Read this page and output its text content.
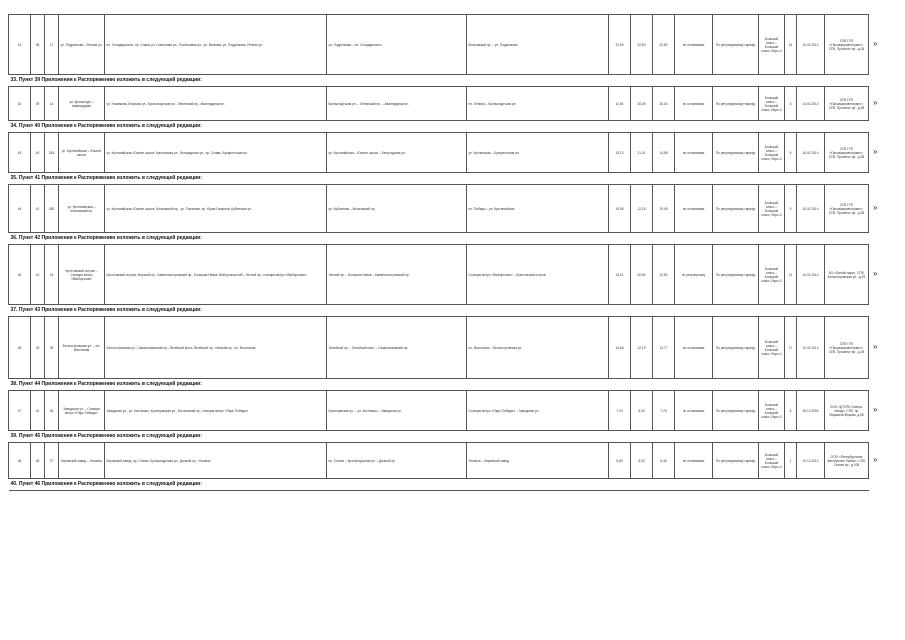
41	38	17	ул. Подрезкова – Речная ул.	пл. Солидарности, пр. Славы ул. Совхозная ул., Посёлковая ул., ул. Вилкова, ул. Подрезкова, Речная ул.	ул. Подрезкова – пл. Солидарности	Московский пр. – ул. Подрезкова	22,69	22,83	22,83	по остановкам	По регулируемому тарифу	Большой класс – Большой класс, Евро-4	16	10.01.2014	СПб ГУП «Пассажиравтотранс», СПб, Проспект пр., д.28
33. Пункт 39 Приложения к Распоряжению изложить в следующей редакции:															
42	39	14	ул. Кронштадт – Авангардная	ул. Нахимова, Морская ул., Кронштадтская ул., Ленинский пр., Авангардная ул.	Кронштадтская ул. – Ленинский пр. – Авангардная ул.	пл. Ленина – Кронштадтская ул.	11,94	26,05	26,04	по остановкам	По регулируемому тарифу	Большой класс – Большой класс, Евро-4	6	14.01.2014	СПб ГУП «Пассажиравтотранс», СПб, Проспект пр., д.28
34. Пункт 40 Приложения к Распоряжению изложить в следующей редакции:															
43	40	15А	ул. Кустанайская – Южное шоссе	ул. Кустанайская, Южное шоссе, Купчинская ул., Белградская ул., пр. Славы, Бухарестская ул.	ул. Кустанайская – Южное шоссе – Белградская ул.	ул. Купчинская – Бухарестская ул.	15,13	21,41	14,68	по остановкам	По регулируемому тарифу	Большой класс – Большой класс, Евро-4	6	16.01.2014	СПб ГУП «Пассажиравтотранс», СПб, Проспект пр., д.28
35. Пункт 41 Приложения к Распоряжению изложить в следующей редакции:															
44	41	15Б	ул. Кустанайская – Московский пр.	ул. Кустанайская, Южное шоссе, Московский пр., ул. Типанова, пр. Юрия Гагарина, Кубинская ул.	ул. Кубинская – Московский пр.	пл. Победы – ул. Кустанайская	15,96	12,18	19,45	по остановкам	По регулируемому тарифу	Большой класс – Большой класс, Евро-4	9	10.01.2014	СПб ГУП «Пассажиравтотранс», СПб, Проспект пр., д.28
36. Пункт 42 Приложения к Распоряжению изложить в следующей редакции:															
45	42	24	Крестовский остров – Станция метро «Выборгская»	Крестовский остров, Морской пр., Каменноостровский пр., Большая Невка, Выборгская наб., Лесной пр., станция метро «Выборгская»	Лесной пр. – Большая Невка – Каменноостровский пр.	Станция метро «Выборгская» – Крестовский остров	13,01	30,84	22,83	по регулярному	По регулируемому тарифу	Большой класс – Большой класс, Евро-4	13	10.01.2014	АО «Третий парк», СПб, Белоостровская ул., д.29
37. Пункт 43 Приложения к Распоряжению изложить в следующей редакции:															
46	43	25	Белоостровская ул. – пл. Восстания	Белоостровская ул., Сампсониевский пр., Литейный мост, Литейный пр., Невский пр., пл. Восстания	Литейный пр. – Литейный мост – Сампсониевский пр.	пл. Восстания – Белоостровская ул.	14,68	12,19	13,77	по остановкам	По регулируемому тарифу	Большой класс – Большой класс, Евро-4	17	10.01.2014	СПб ГУП «Пассажиравтотранс», СПб, Проспект пр., д.28
38. Пункт 44 Приложения к Распоряжению изложить в следующей редакции:															
47	44	26	Заводская ул. – Станция метро «Парк Победы»	Заводская ул., ул. Костюшко, Кузнецовская ул., Московский пр., станция метро «Парк Победы»	Кузнецовская ул. – ул. Костюшко – Заводская ул.	Станция метро «Парк Победы» – Заводская ул.	7,24	6,60	7,76	по остановкам	По регулируемому тарифу	Большой класс – Большой класс, Евро-4	6	28.12.2006	ООО «ДТУПК Северо-Запад», СПб, пр. Маршала Жукова, д.58
39. Пункт 45 Приложения к Распоряжению изложить в следующей редакции:															
48	45	27	Кировский завод – Ульянка	Кировский завод, пр. Стачек, Кронштадтская ул., Дачный пр., Ульянка	пр. Стачек – Кронштадтская ул. – Дачный пр.	Ульянка – Кировский завод	5,80	6,52	6,48	по остановкам	По регулируемому тарифу	Большой класс – Большой класс, Евро-4	1	10.12.2014	ООО «Петербургские Автобусные Линии», СПб, Стачек пр., д.108
40. Пункт 46 Приложения к Распоряжению изложить в следующей редакции:															
»
»
»
»
»
»
»
»
